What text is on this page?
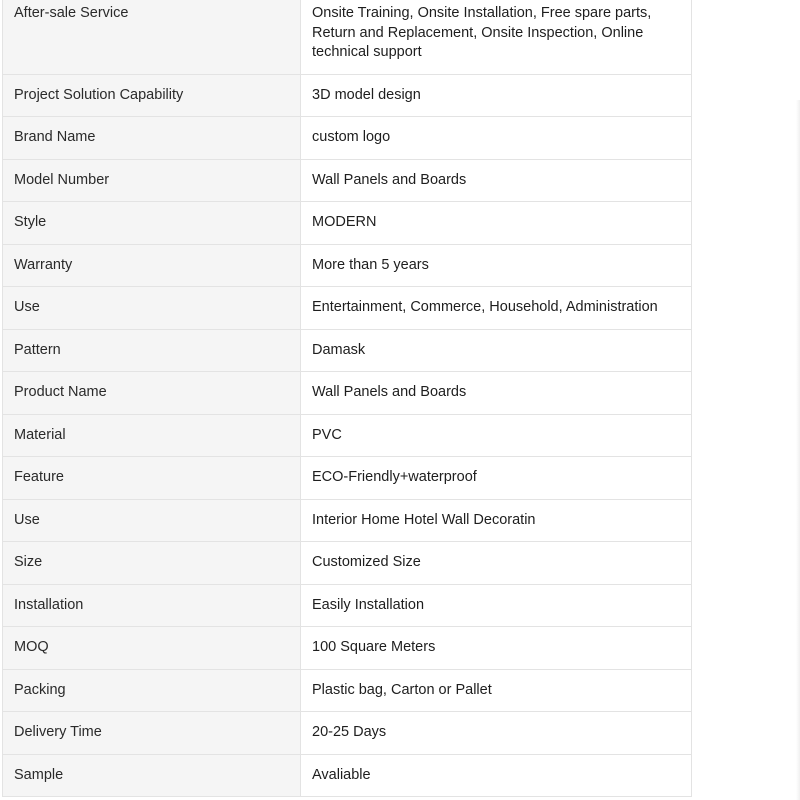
After-sale Service	Onsite Training, Onsite Installation, Free spare parts, Return and Replacement, Onsite Inspection, Online technical support
Project Solution Capability	3D model design
Brand Name	custom logo
Model Number	Wall Panels and Boards
Style	MODERN
Warranty	More than 5 years
Use	Entertainment, Commerce, Household, Administration
Pattern	Damask
Product Name	Wall Panels and Boards
Material	PVC
Feature	ECO-Friendly+waterproof
Use	Interior Home Hotel Wall Decoratin
Size	Customized Size
Installation	Easily Installation
MOQ	100 Square Meters
Packing	Plastic bag, Carton or Pallet
Delivery Time	20-25 Days
Sample	Avaliable
